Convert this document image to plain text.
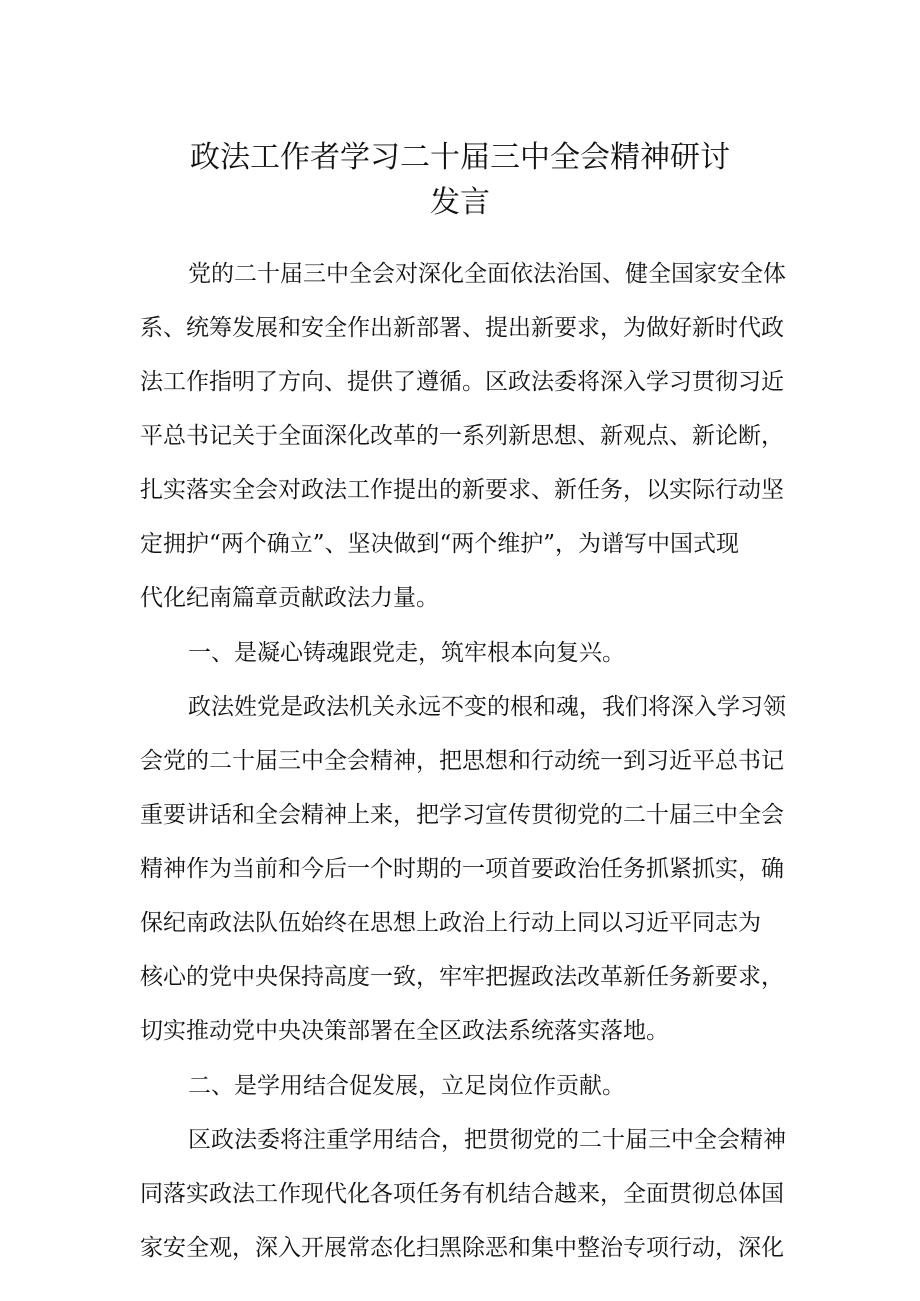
政法工作者学习二十届三中全会精神研讨
发言
党的二十届三中全会对深化全面依法治国、健全国家安全体
系、统筹发展和安全作出新部署、提出新要求，为做好新时代政
法工作指明了方向、提供了遵循。区政法委将深入学习贯彻习近
平总书记关于全面深化改革的一系列新思想、新观点、新论断，
扎实落实全会对政法工作提出的新要求、新任务，以实际行动坚
定拥护“两个确立”、坚决做到“两个维护”，为谱写中国式现
代化纪南篇章贡献政法力量。
一、是凝心铸魂跟党走，筑牢根本向复兴。
政法姓党是政法机关永远不变的根和魂，我们将深入学习领
会党的二十届三中全会精神，把思想和行动统一到习近平总书记
重要讲话和全会精神上来，把学习宣传贯彻党的二十届三中全会
精神作为当前和今后一个时期的一项首要政治任务抓紧抓实，确
保纪南政法队伍始终在思想上政治上行动上同以习近平同志为
核心的党中央保持高度一致，牢牢把握政法改革新任务新要求，
切实推动党中央决策部署在全区政法系统落实落地。
二、是学用结合促发展，立足岗位作贡献。
区政法委将注重学用结合，把贯彻党的二十届三中全会精神
同落实政法工作现代化各项任务有机结合越来，全面贯彻总体国
家安全观，深入开展常态化扫黑除恶和集中整治专项行动，深化
